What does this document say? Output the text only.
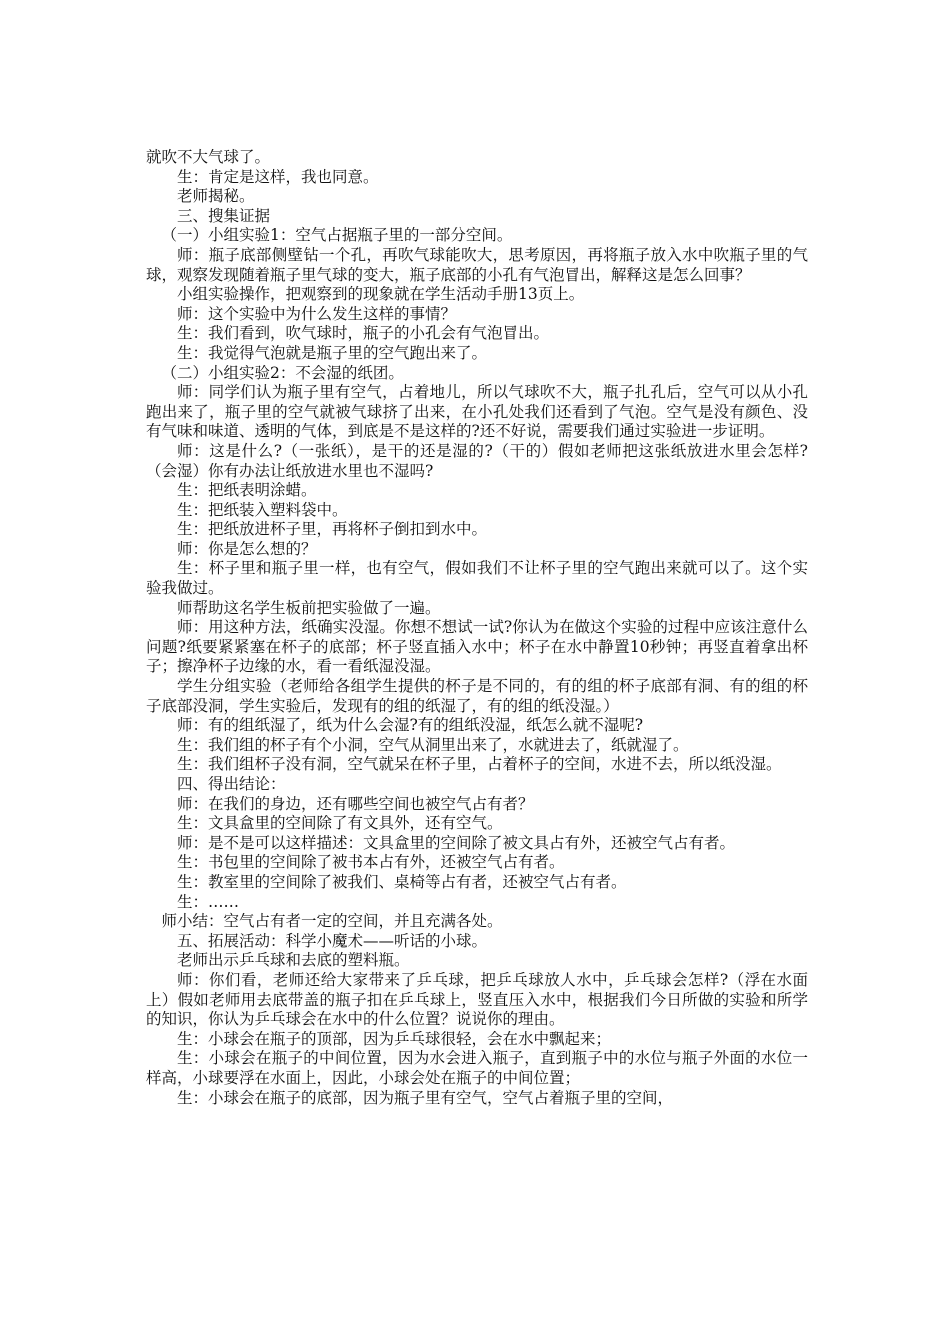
就吹不大气球了。

生：肯定是这样，我也同意。

老师揭秘。

三、搜集证据

（一）小组实验1：空气占据瓶子里的一部分空间。

师：瓶子底部侧壁钻一个孔，再吹气球能吹大，思考原因，再将瓶子放入水中吹瓶子里的气球，观察发现随着瓶子里气球的变大，瓶子底部的小孔有气泡冒出，解释这是怎么回事？

小组实验操作，把观察到的现象就在学生活动手册13页上。

师：这个实验中为什么发生这样的事情？

生：我们看到，吹气球时，瓶子的小孔会有气泡冒出。

生：我觉得气泡就是瓶子里的空气跑出来了。

（二）小组实验2：不会湿的纸团。

师：同学们认为瓶子里有空气，占着地儿，所以气球吹不大，瓶子扎孔后，空气可以从小孔跑出来了，瓶子里的空气就被气球挤了出来，在小孔处我们还看到了气泡。空气是没有颜色、没有气味和味道、透明的气体，到底是不是这样的?还不好说，需要我们通过实验进一步证明。

师：这是什么?（一张纸），是干的还是湿的?（干的）假如老师把这张纸放进水里会怎样?（会湿）你有办法让纸放进水里也不湿吗?

生：把纸表明涂蜡。

生：把纸装入塑料袋中。

生：把纸放进杯子里，再将杯子倒扣到水中。

师：你是怎么想的？

生：杯子里和瓶子里一样，也有空气，假如我们不让杯子里的空气跑出来就可以了。这个实验我做过。

师帮助这名学生板前把实验做了一遍。

师：用这种方法，纸确实没湿。你想不想试一试?你认为在做这个实验的过程中应该注意什么问题?纸要紧紧塞在杯子的底部；杯子竖直插入水中；杯子在水中静置10秒钟；再竖直着拿出杯子；擦净杯子边缘的水，看一看纸湿没湿。

学生分组实验（老师给各组学生提供的杯子是不同的，有的组的杯子底部有洞、有的组的杯子底部没洞，学生实验后，发现有的组的纸湿了，有的组的纸没湿。）

师：有的组纸湿了，纸为什么会湿?有的组纸没湿，纸怎么就不湿呢?

生：我们组的杯子有个小洞，空气从洞里出来了，水就进去了，纸就湿了。

生：我们组杯子没有洞，空气就呆在杯子里，占着杯子的空间，水进不去，所以纸没湿。

四、得出结论：

师：在我们的身边，还有哪些空间也被空气占有者？

生：文具盒里的空间除了有文具外，还有空气。

师：是不是可以这样描述：文具盒里的空间除了被文具占有外，还被空气占有者。

生：书包里的空间除了被书本占有外，还被空气占有者。

生：教室里的空间除了被我们、桌椅等占有者，还被空气占有者。

生：……

师小结：空气占有者一定的空间，并且充满各处。

五、拓展活动：科学小魔术——听话的小球。

老师出示乒乓球和去底的塑料瓶。

师：你们看，老师还给大家带来了乒乓球，把乒乓球放人水中，乒乓球会怎样?（浮在水面上）假如老师用去底带盖的瓶子扣在乒乓球上，竖直压入水中，根据我们今日所做的实验和所学的知识，你认为乒乓球会在水中的什么位置？说说你的理由。

生：小球会在瓶子的顶部，因为乒乓球很轻，会在水中飘起来；

生：小球会在瓶子的中间位置，因为水会进入瓶子，直到瓶子中的水位与瓶子外面的水位一样高，小球要浮在水面上，因此，小球会处在瓶子的中间位置；

生：小球会在瓶子的底部，因为瓶子里有空气，空气占着瓶子里的空间，
